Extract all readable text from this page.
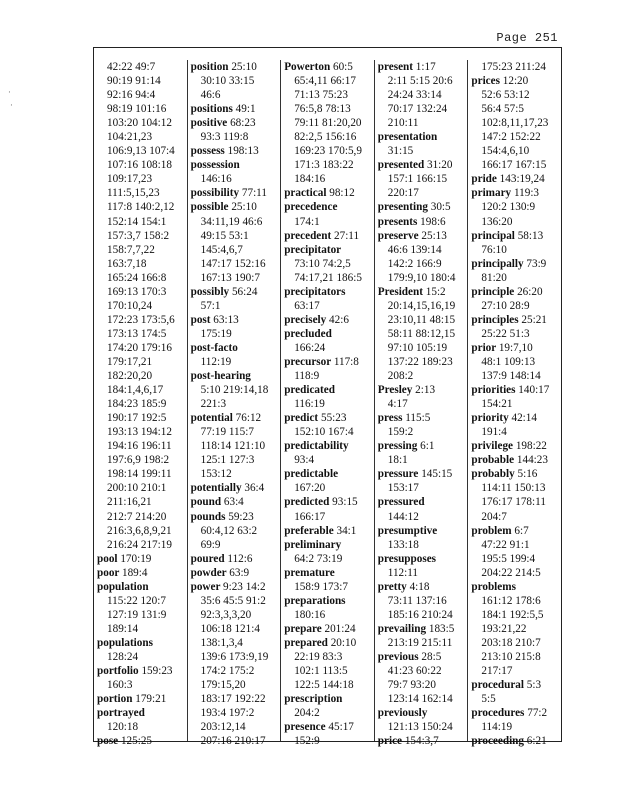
Page 251
·
·
42:22 49:7
90:19 91:14
92:16 94:4
98:19 101:16
103:20 104:12
104:21,23
106:9,13 107:4
107:16 108:18
109:17,23
111:5,15,23
117:8 140:2,12
152:14 154:1
157:3,7 158:2
158:7,7,22
163:7,18
165:24 166:8
169:13 170:3
170:10,24
172:23 173:5,6
173:13 174:5
174:20 179:16
179:17,21
182:20,20
184:1,4,6,17
184:23 185:9
190:17 192:5
193:13 194:12
194:16 196:11
197:6,9 198:2
198:14 199:11
200:10 210:1
211:16,21
212:7 214:20
216:3,6,8,9,21
216:24 217:19
pool 170:19
poor 189:4
population
115:22 120:7
127:19 131:9
189:14
populations
128:24
portfolio 159:23
160:3
portion 179:21
portrayed
120:18
pose 125:25
position 25:10
30:10 33:15
46:6
positions 49:1
positive 68:23
93:3 119:8
possess 198:13
possession
146:16
possibility 77:11
possible 25:10
34:11,19 46:6
49:15 53:1
145:4,6,7
147:17 152:16
167:13 190:7
possibly 56:24
57:1
post 63:13
175:19
post-facto
112:19
post-hearing
5:10 219:14,18
221:3
potential 76:12
77:19 115:7
118:14 121:10
125:1 127:3
153:12
potentially 36:4
pound 63:4
pounds 59:23
60:4,12 63:2
69:9
poured 112:6
powder 63:9
power 9:23 14:2
35:6 45:5 91:2
92:3,3,3,20
106:18 121:4
138:1,3,4
139:6 173:9,19
174:2 175:2
179:15,20
183:17 192:22
193:4 197:2
203:12,14
207:16 210:17
Powerton 60:5
65:4,11 66:17
71:13 75:23
76:5,8 78:13
79:11 81:20,20
82:2,5 156:16
169:23 170:5,9
171:3 183:22
184:16
practical 98:12
precedence
174:1
precedent 27:11
precipitator
73:10 74:2,5
74:17,21 186:5
precipitators
63:17
precisely 42:6
precluded
166:24
precursor 117:8
118:9
predicated
116:19
predict 55:23
152:10 167:4
predictability
93:4
predictable
167:20
predicted 93:15
166:17
preferable 34:1
preliminary
64:2 73:19
premature
158:9 173:7
preparations
180:16
prepare 201:24
prepared 20:10
22:19 83:3
102:1 113:5
122:5 144:18
prescription
204:2
presence 45:17
152:9
present 1:17
2:11 5:15 20:6
24:24 33:14
70:17 132:24
210:11
presentation
31:15
presented 31:20
157:1 166:15
220:17
presenting 30:5
presents 198:6
preserve 25:13
46:6 139:14
142:2 166:9
179:9,10 180:4
President 15:2
20:14,15,16,19
23:10,11 48:15
58:11 88:12,15
97:10 105:19
137:22 189:23
208:2
Presley 2:13
4:17
press 115:5
159:2
pressing 6:1
18:1
pressure 145:15
153:17
pressured
144:12
presumptive
133:18
presupposes
112:11
pretty 4:18
73:11 137:16
185:16 210:24
prevailing 183:5
213:19 215:11
previous 28:5
41:23 60:22
79:7 93:20
123:14 162:14
previously
121:13 150:24
price 154:3,7
175:23 211:24
prices 12:20
52:6 53:12
56:4 57:5
102:8,11,17,23
147:2 152:22
154:4,6,10
166:17 167:15
pride 143:19,24
primary 119:3
120:2 130:9
136:20
principal 58:13
76:10
principally 73:9
81:20
principle 26:20
27:10 28:9
principles 25:21
25:22 51:3
prior 19:7,10
48:1 109:13
137:9 148:14
priorities 140:17
154:21
priority 42:14
191:4
privilege 198:22
probable 144:23
probably 5:16
114:11 150:13
176:17 178:11
204:7
problem 6:7
47:22 91:1
195:5 199:4
204:22 214:5
problems
161:12 178:6
184:1 192:5,5
193:21,22
203:18 210:7
213:10 215:8
217:17
procedural 5:3
5:5
procedures 77:2
114:19
proceeding 6:21
